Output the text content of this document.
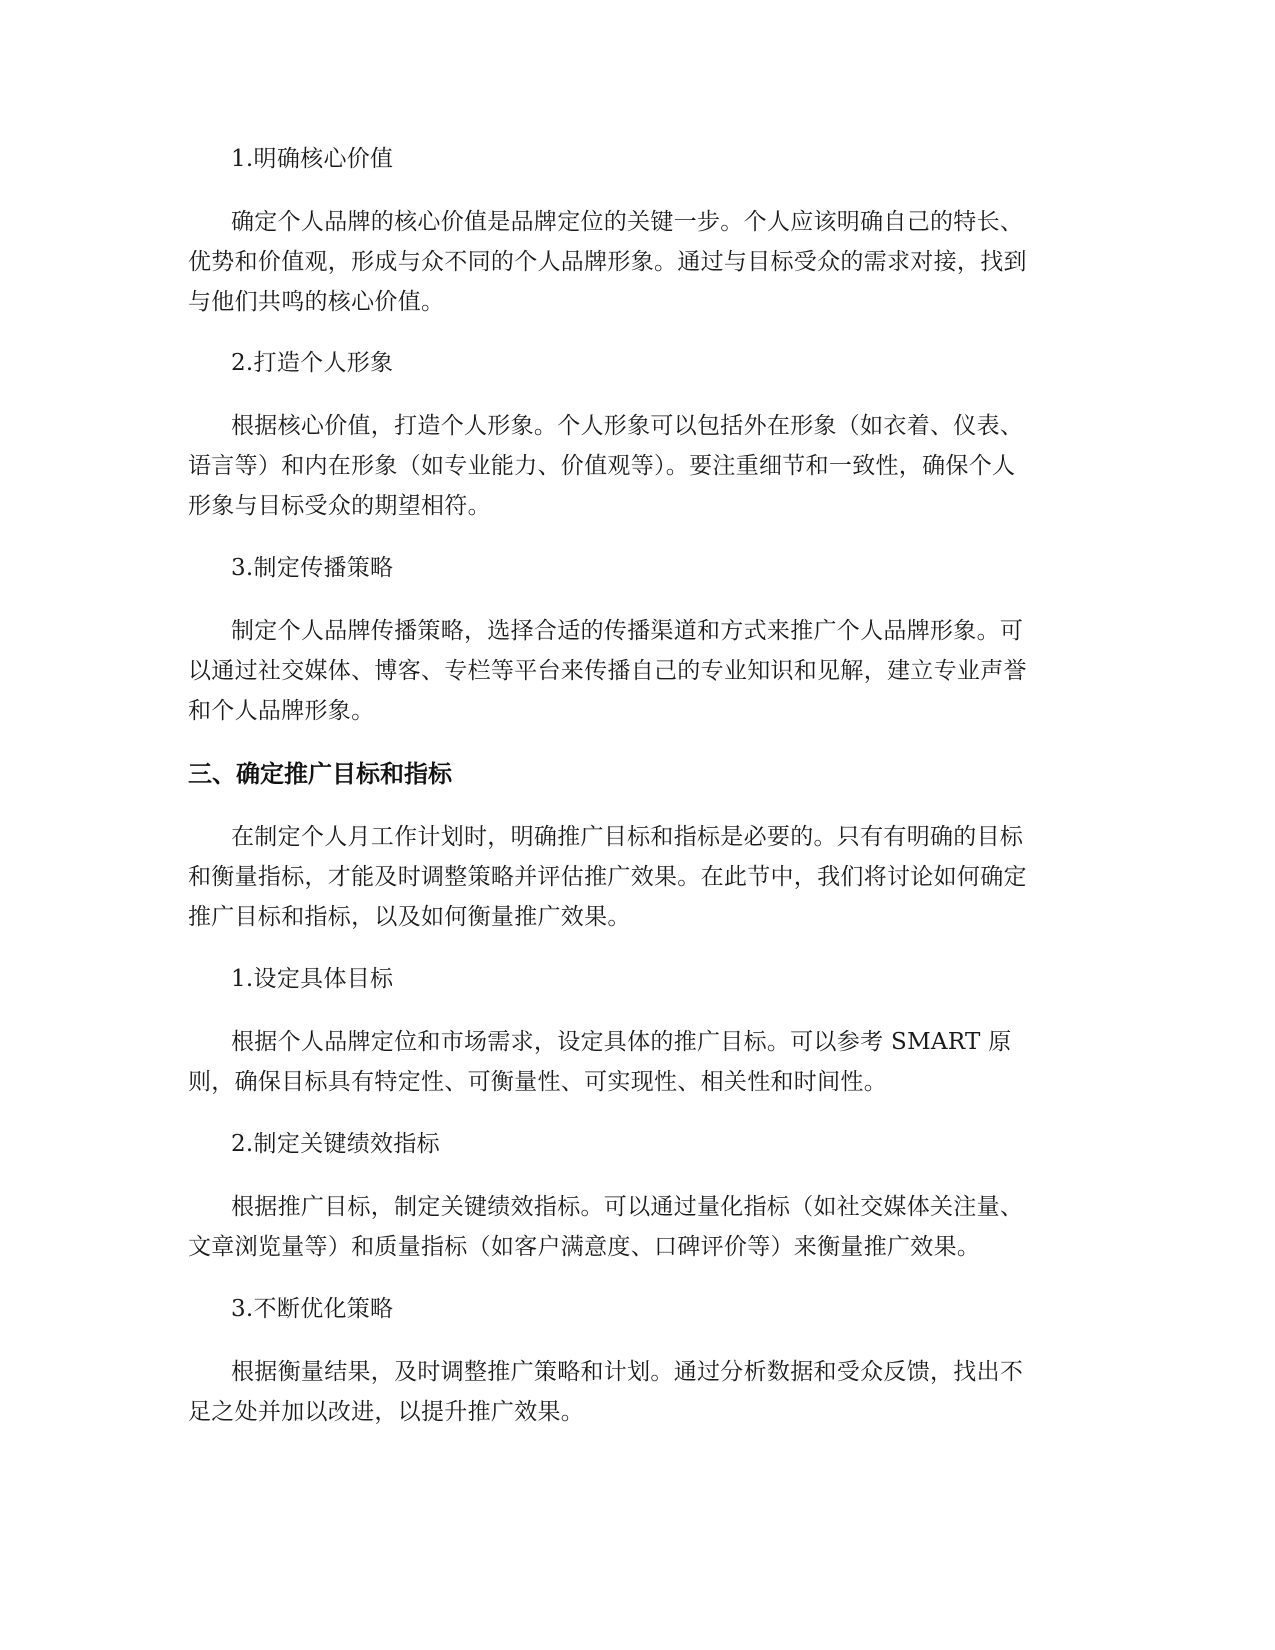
1.明确核心价值
确定个人品牌的核心价值是品牌定位的关键一步。个人应该明确自己的特长、
优势和价值观，形成与众不同的个人品牌形象。通过与目标受众的需求对接，找到
与他们共鸣的核心价值。
2.打造个人形象
根据核心价值，打造个人形象。个人形象可以包括外在形象（如衣着、仪表、
语言等）和内在形象（如专业能力、价值观等）。要注重细节和一致性，确保个人
形象与目标受众的期望相符。
3.制定传播策略
制定个人品牌传播策略，选择合适的传播渠道和方式来推广个人品牌形象。可
以通过社交媒体、博客、专栏等平台来传播自己的专业知识和见解，建立专业声誉
和个人品牌形象。
三、确定推广目标和指标
在制定个人月工作计划时，明确推广目标和指标是必要的。只有有明确的目标
和衡量指标，才能及时调整策略并评估推广效果。在此节中，我们将讨论如何确定
推广目标和指标，以及如何衡量推广效果。
1.设定具体目标
根据个人品牌定位和市场需求，设定具体的推广目标。可以参考 SMART 原
则，确保目标具有特定性、可衡量性、可实现性、相关性和时间性。
2.制定关键绩效指标
根据推广目标，制定关键绩效指标。可以通过量化指标（如社交媒体关注量、
文章浏览量等）和质量指标（如客户满意度、口碑评价等）来衡量推广效果。
3.不断优化策略
根据衡量结果，及时调整推广策略和计划。通过分析数据和受众反馈，找出不
足之处并加以改进，以提升推广效果。
